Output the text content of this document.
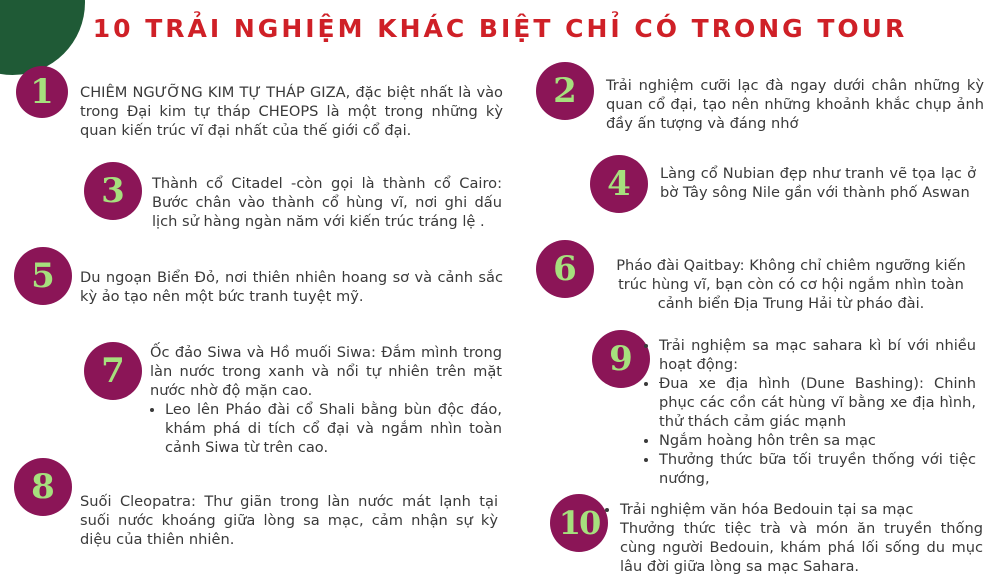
10 TRẢI NGHIỆM KHÁC BIỆT CHỈ CÓ TRONG TOUR
1	CHIÊM NGƯỠNG KIM TỰ THÁP GIZA, đặc biệt nhất là vào trong Đại kim tự tháp CHEOPS là một trong những kỳ quan kiến trúc vĩ đại nhất của thế giới cổ đại.
2	Trải nghiệm cưỡi lạc đà ngay dưới chân những kỳ quan cổ đại, tạo nên những khoảnh khắc chụp ảnh đầy ấn tượng và đáng nhớ
3	Thành cổ Citadel -còn gọi là thành cổ Cairo: Bước chân vào thành cổ hùng vĩ, nơi ghi dấu lịch sử hàng ngàn năm với kiến trúc tráng lệ .
4	Làng cổ Nubian đẹp như tranh vẽ tọa lạc ở bờ Tây sông Nile gần với thành phố Aswan
5	Du ngoạn Biển Đỏ, nơi thiên nhiên hoang sơ và cảnh sắc kỳ ảo tạo nên một bức tranh tuyệt mỹ.
6	Pháo đài Qaitbay: Không chỉ chiêm ngưỡng kiến trúc hùng vĩ, bạn còn có cơ hội ngắm nhìn toàn cảnh biển Địa Trung Hải từ pháo đài.
7	Ốc đảo Siwa và Hồ muối Siwa: Đắm mình trong làn nước trong xanh và nổi tự nhiên trên mặt nước nhờ độ mặn cao.
• Leo lên Pháo đài cổ Shali bằng bùn độc đáo, khám phá di tích cổ đại và ngắm nhìn toàn cảnh Siwa từ trên cao.
8	Suối Cleopatra: Thư giãn trong làn nước mát lạnh tại suối nước khoáng giữa lòng sa mạc, cảm nhận sự kỳ diệu của thiên nhiên.
9	• Trải nghiệm sa mạc sahara kì bí với nhiều hoạt động:
• Đua xe địa hình (Dune Bashing): Chinh phục các cồn cát hùng vĩ bằng xe địa hình, thử thách cảm giác mạnh
• Ngắm hoàng hôn trên sa mạc
• Thưởng thức bữa tối truyền thống với tiệc nướng,
10	• Trải nghiệm văn hóa Bedouin tại sa mạc
Thưởng thức tiệc trà và món ăn truyền thống cùng người Bedouin, khám phá lối sống du mục lâu đời giữa lòng sa mạc Sahara.
